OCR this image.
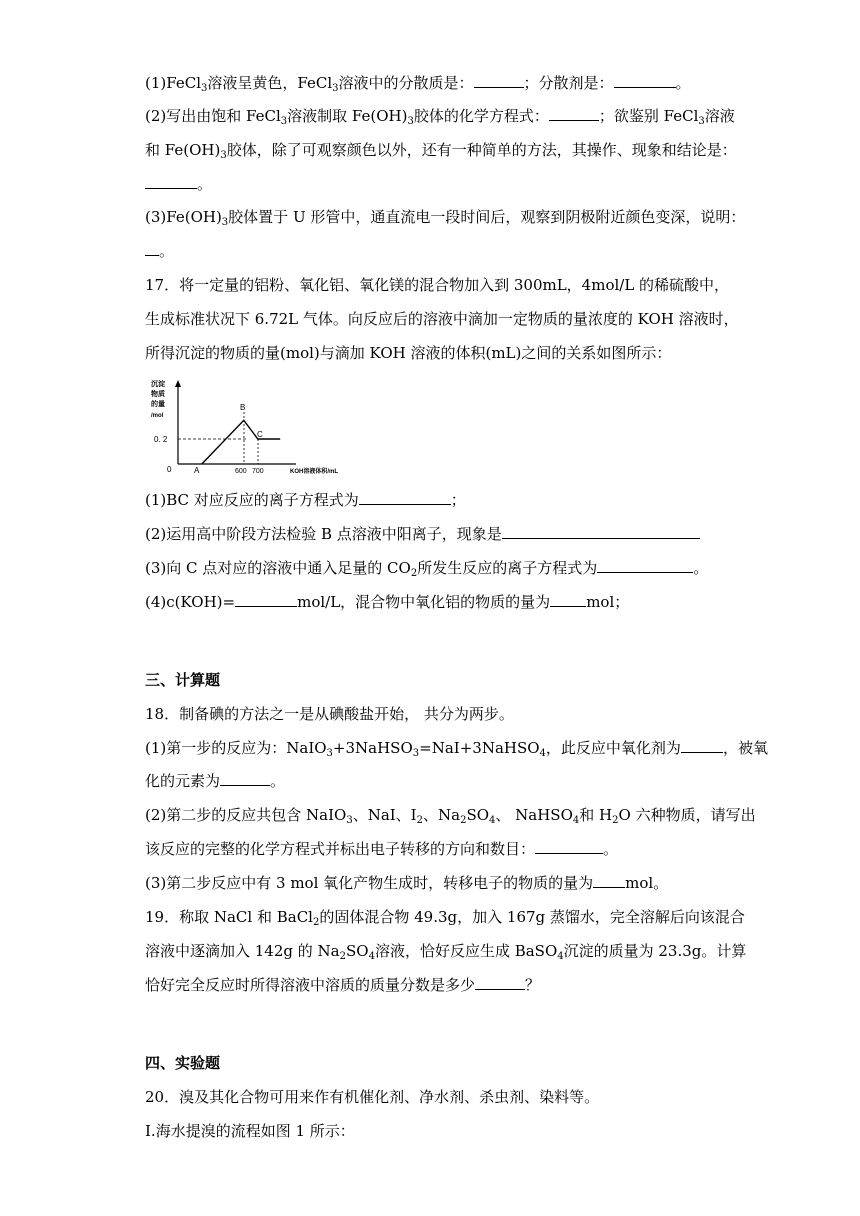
(1)FeCl$_3$溶液呈黄色，FeCl$_3$溶液中的分散质是：	；分散剂是：	。
(2)写出由饱和 FeCl$_3$溶液制取 $Fe(OH)_3$胶体的化学方程式：	；欲鉴别 FeCl$_3$溶液
和 $Fe(OH)_3$胶体，除了可观察颜色以外，还有一种简单的方法，其操作、现象和结论是：
。
$(3)Fe(OH)_3$胶体置于 U 形管中，通直流电一段时间后，观察到阴极附近颜色变深，说明：
。
17．将一定量的铝粉、氧化铝、氧化镁的混合物加入到 300mL，4mol/L 的稀硫酸中，
生成标准状况下 6.72L 气体。向反应后的溶液中滴加一定物质的量浓度的 KOH 溶液时，
所得沉淀的物质的量(mol)与滴加 KOH 溶液的体积(mL)之间的关系如图所示：
沉淀
物质
的量
/mol
0. 2
0	A
B
C
600 700	KOH溶液体积/mL
(1)BC 对应反应的离子方程式为	；
(2)运用高中阶段方法检验 B 点溶液中阳离子，现象是
(3)向 C 点对应的溶液中通入足量的 $CO_2$所发生反应的离子方程式为	。
(4)c(KOH)=	mol/L，混合物中氧化铝的物质的量为 mol；
三、计算题
18．制备碘的方法之一是从碘酸盐开始， 共分为两步。
(1)第一步的反应为：NaIO$_3$+3NaHSO$_3$=NaI+3NaHSO$_4$，此反应中氧化剂为	，被氧
化的元素为	。
(2)第二步的反应共包含 NaIO$_3$、NaI、$I_2$、$Na_2SO_4$、 NaHSO$_4$和 $H_2O$ 六种物质，请写出
该反应的完整的化学方程式并标出电子转移的方向和数目：	。
(3)第二步反应中有 3 mol 氧化产物生成时，转移电子的物质的量为 mol。
19．称取 NaCl 和 BaCl$_2$的固体混合物 49.3g，加入 167g 蒸馏水，完全溶解后向该混合
溶液中逐滴加入 142g 的 $Na_2SO_4$溶液，恰好反应生成 BaSO$_4$沉淀的质量为 23.3g。计算
恰好完全反应时所得溶液中溶质的质量分数是多少	？
四、实验题
20．溴及其化合物可用来作有机催化剂、净水剂、杀虫剂、染料等。
I.海水提溴的流程如图 1 所示：
